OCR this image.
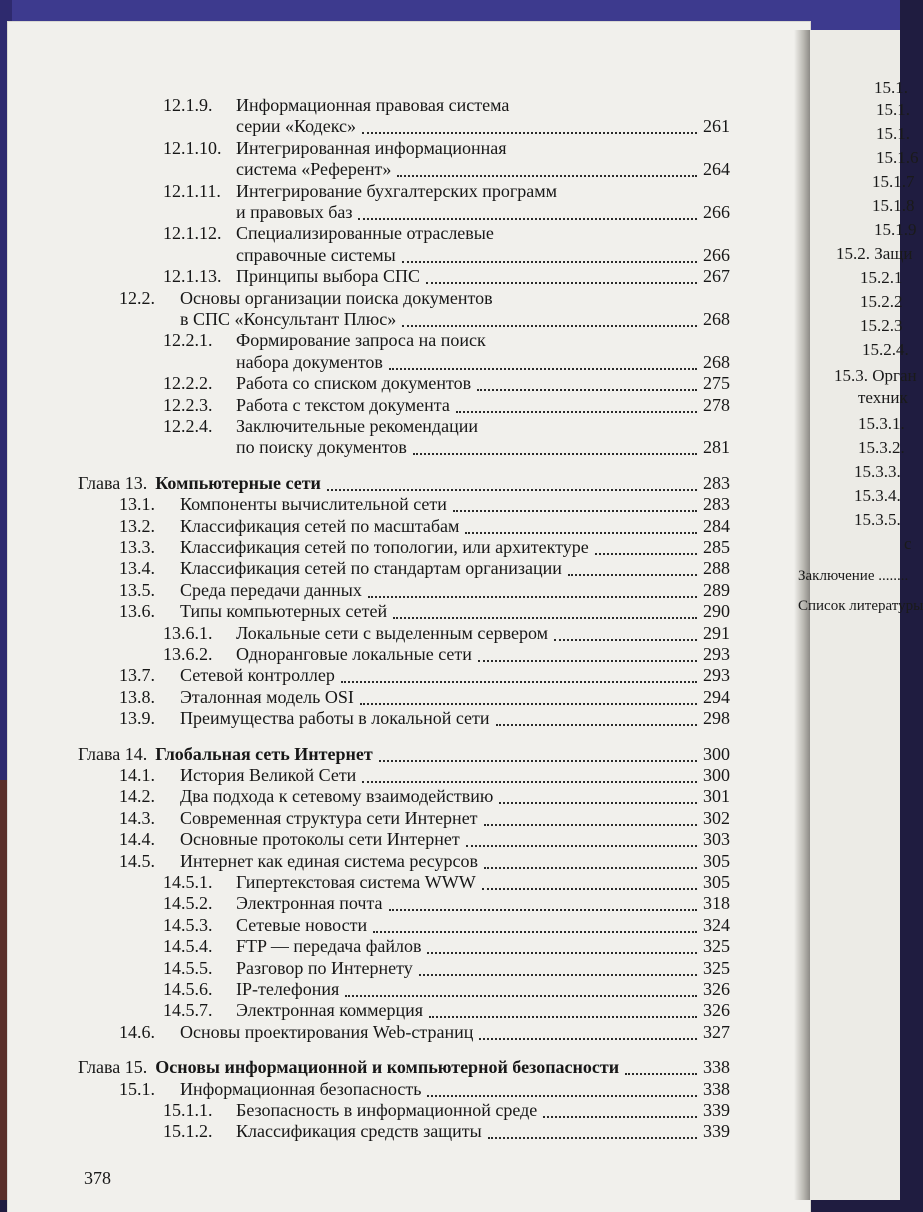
12.1.9. Информационная правовая система
серии «Кодекс»	261
12.1.10. Интегрированная информационная
система «Референт»	264
12.1.11. Интегрирование бухгалтерских программ
и правовых баз	266
12.1.12. Специализированные отраслевые
справочные системы	266
12.1.13. Принципы выбора СПС	267
12.2. Основы организации поиска документов
в СПС «Консультант Плюс»	268
12.2.1. Формирование запроса на поиск
набора документов	268
12.2.2. Работа со списком документов	275
12.2.3. Работа с текстом документа	278
12.2.4. Заключительные рекомендации
по поиску документов	281
Глава 13. Компьютерные сети	283
13.1. Компоненты вычислительной сети	283
13.2. Классификация сетей по масштабам	284
13.3. Классификация сетей по топологии, или архитектуре	285
13.4. Классификация сетей по стандартам организации	288
13.5. Среда передачи данных	289
13.6. Типы компьютерных сетей	290
13.6.1. Локальные сети с выделенным сервером	291
13.6.2. Одноранговые локальные сети	293
13.7. Сетевой контроллер	293
13.8. Эталонная модель OSI	294
13.9. Преимущества работы в локальной сети	298
Глава 14. Глобальная сеть Интернет	300
14.1. История Великой Сети	300
14.2. Два подхода к сетевому взаимодействию	301
14.3. Современная структура сети Интернет	302
14.4. Основные протоколы сети Интернет	303
14.5. Интернет как единая система ресурсов	305
14.5.1. Гипертекстовая система WWW	305
14.5.2. Электронная почта	318
14.5.3. Сетевые новости	324
14.5.4. FTP — передача файлов	325
14.5.5. Разговор по Интернету	325
14.5.6. IP-телефония	326
14.5.7. Электронная коммерция	326
14.6. Основы проектирования Web-страниц	327
Глава 15. Основы информационной и компьютерной безопасности	338
15.1. Информационная безопасность	338
15.1.1. Безопасность в информационной среде	339
15.1.2. Классификация средств защиты	339
378
15.1.
15.1.
15.1.
15.1.6
15.1.7
15.1.8
15.1.9
15.2. Защи
15.2.1
15.2.2
15.2.3
15.2.4.
15.3. Орган
техник
15.3.1.
15.3.2.
15.3.3.
15.3.4.
15.3.5.
с
Заключение ........
Список литературы
